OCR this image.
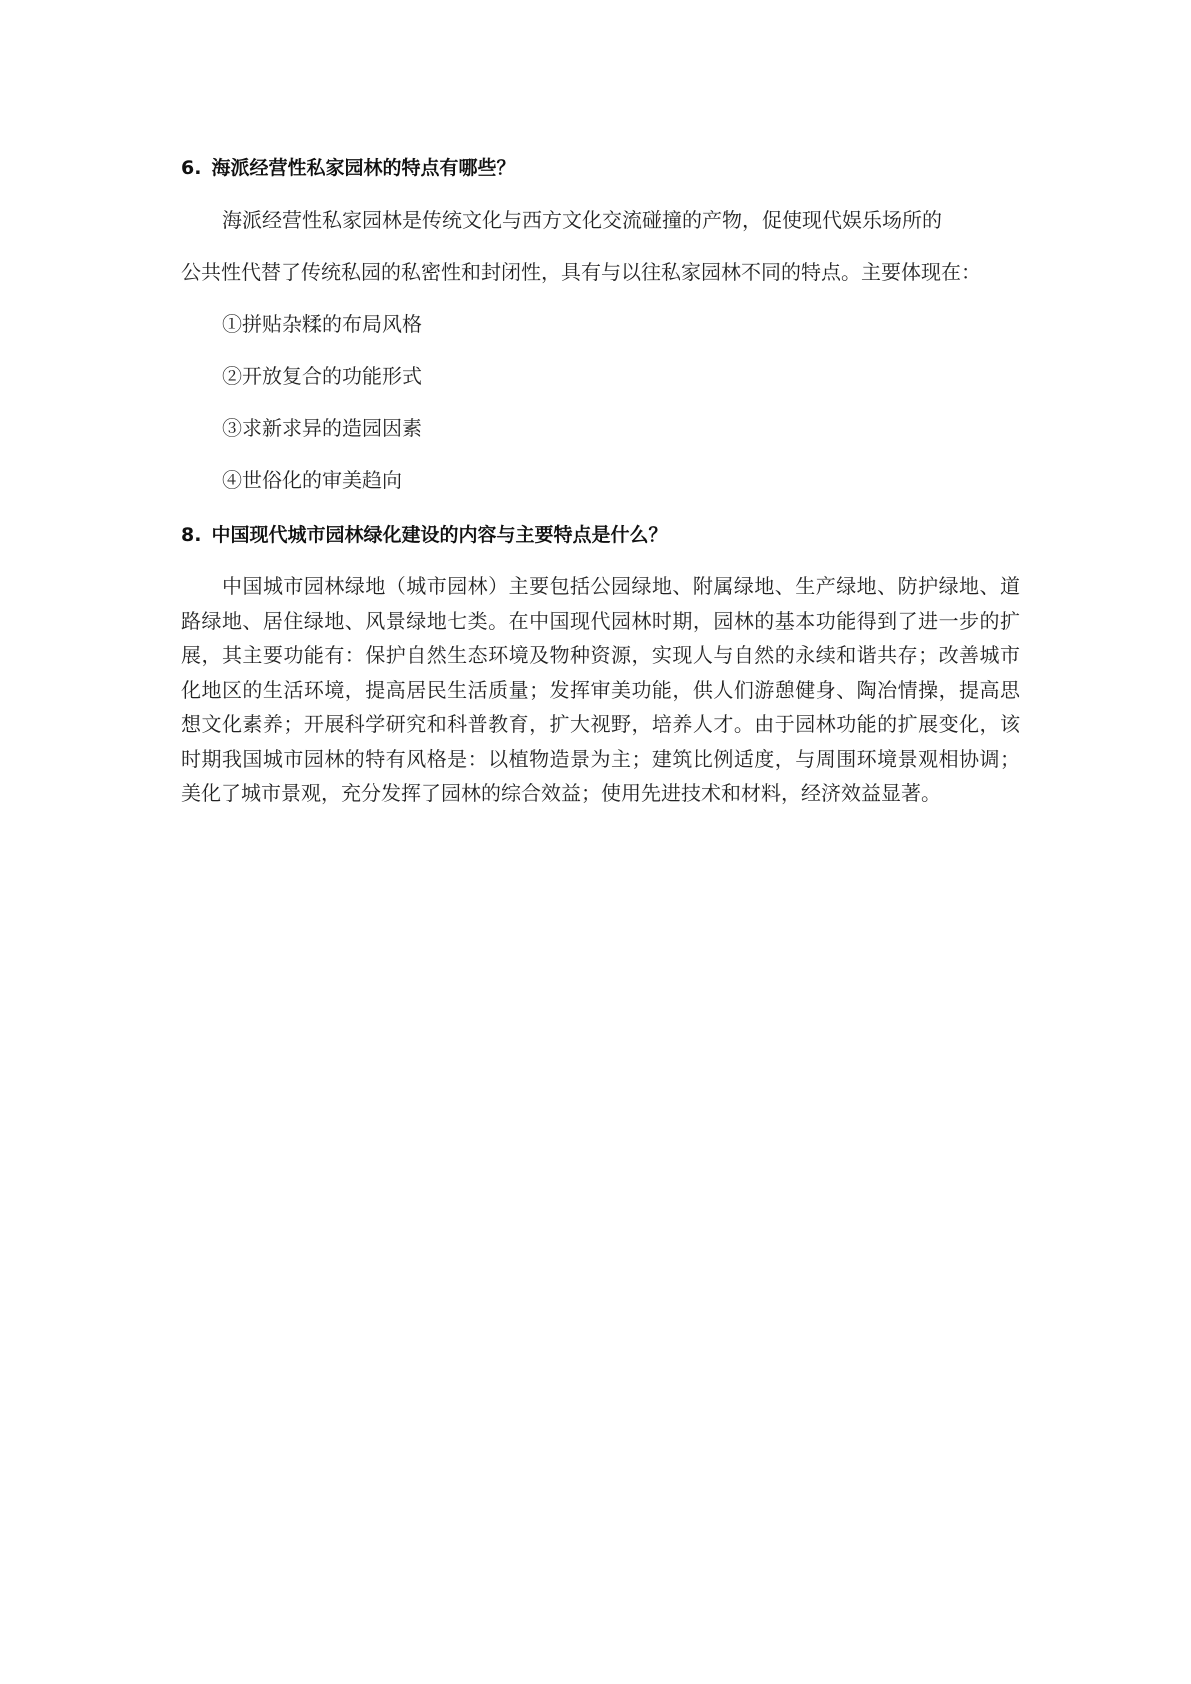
6. 海派经营性私家园林的特点有哪些？
海派经营性私家园林是传统文化与西方文化交流碰撞的产物，促使现代娱乐场所的
公共性代替了传统私园的私密性和封闭性，具有与以往私家园林不同的特点。主要体现在：
①拼贴杂糅的布局风格
②开放复合的功能形式
③求新求异的造园因素
④世俗化的审美趋向
8. 中国现代城市园林绿化建设的内容与主要特点是什么？
中国城市园林绿地（城市园林）主要包括公园绿地、附属绿地、生产绿地、防护绿地、道路绿地、居住绿地、风景绿地七类。在中国现代园林时期，园林的基本功能得到了进一步的扩展，其主要功能有：保护自然生态环境及物种资源，实现人与自然的永续和谐共存；改善城市化地区的生活环境，提高居民生活质量；发挥审美功能，供人们游憩健身、陶冶情操，提高思想文化素养；开展科学研究和科普教育，扩大视野，培养人才。由于园林功能的扩展变化，该时期我国城市园林的特有风格是：以植物造景为主；建筑比例适度，与周围环境景观相协调；美化了城市景观，充分发挥了园林的综合效益；使用先进技术和材料，经济效益显著。
